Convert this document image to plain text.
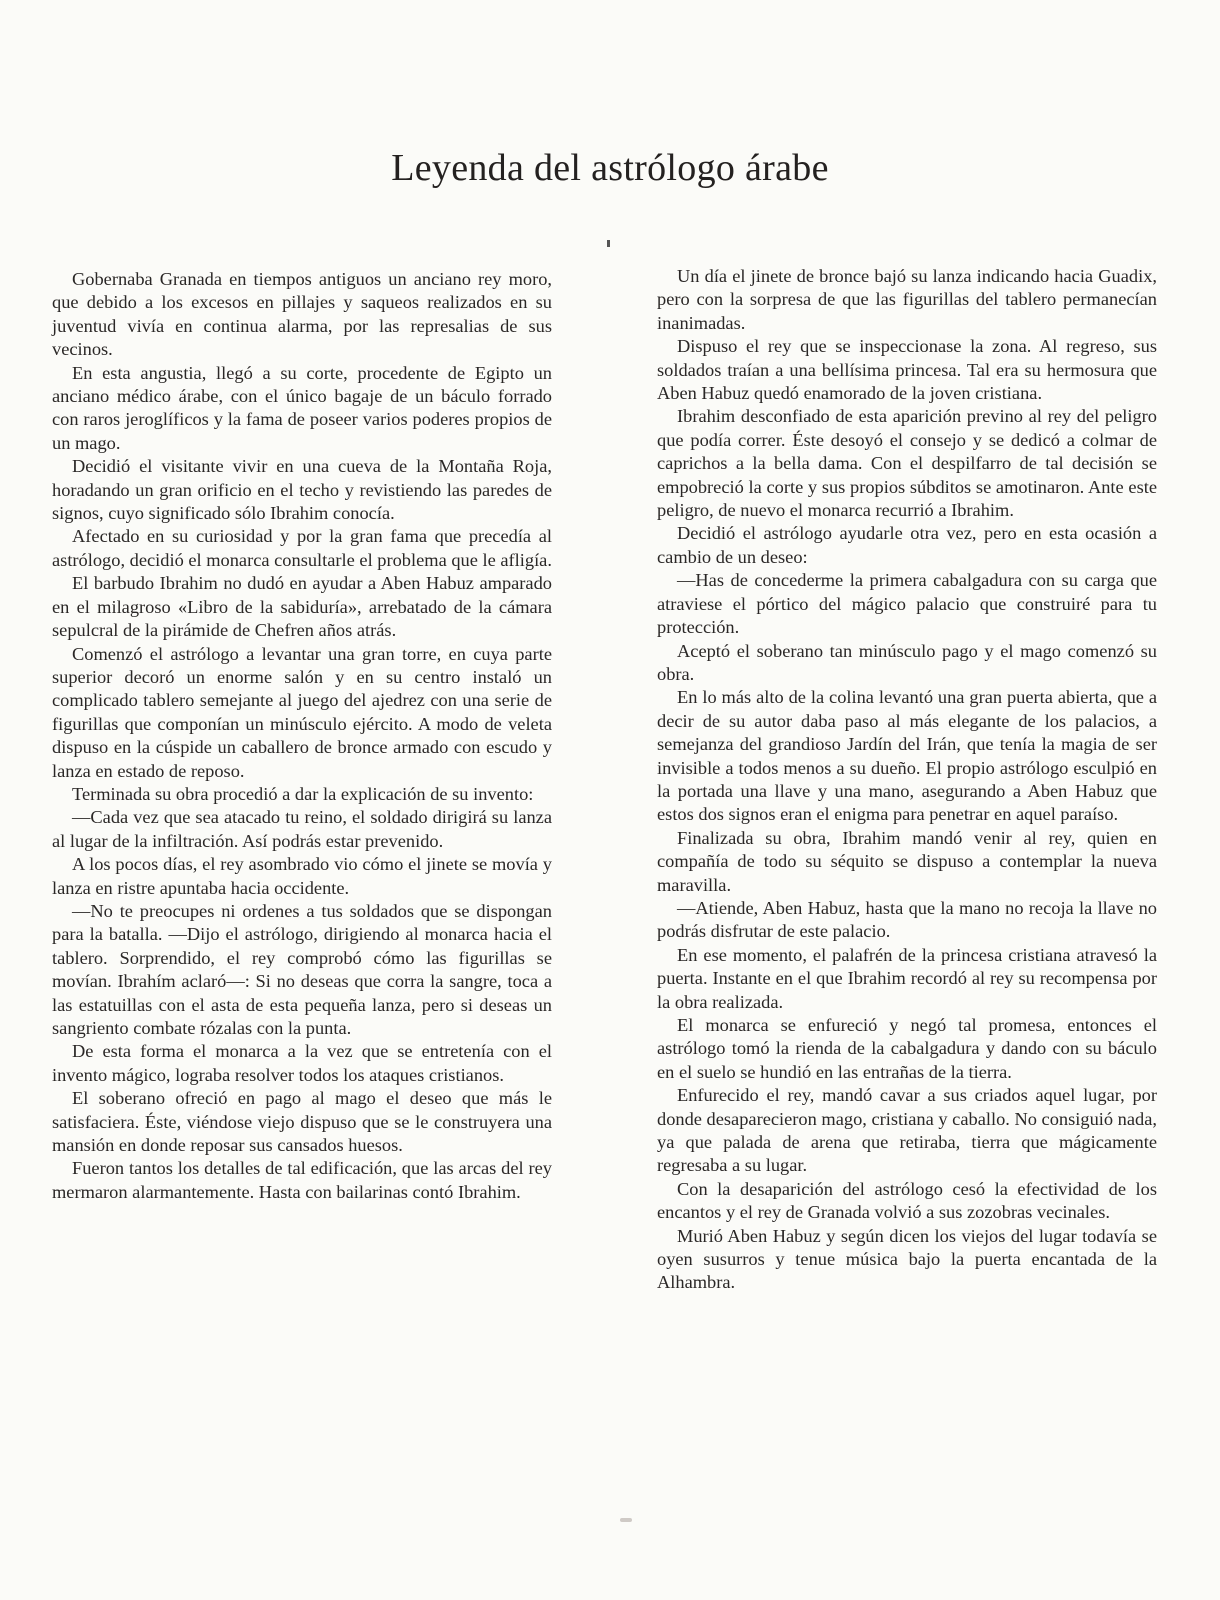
Leyenda del astrólogo árabe

Gobernaba Granada en tiempos antiguos un anciano rey moro, que debido a los excesos en pillajes y saqueos realizados en su juventud vivía en continua alarma, por las represalias de sus vecinos.

En esta angustia, llegó a su corte, procedente de Egipto un anciano médico árabe, con el único bagaje de un báculo forrado con raros jeroglíficos y la fama de poseer varios poderes propios de un mago.

Decidió el visitante vivir en una cueva de la Montaña Roja, horadando un gran orificio en el techo y revistiendo las paredes de signos, cuyo significado sólo Ibrahim conocía.

Afectado en su curiosidad y por la gran fama que precedía al astrólogo, decidió el monarca consultarle el problema que le afligía.

El barbudo Ibrahim no dudó en ayudar a Aben Habuz amparado en el milagroso «Libro de la sabiduría», arrebatado de la cámara sepulcral de la pirámide de Chefren años atrás.

Comenzó el astrólogo a levantar una gran torre, en cuya parte superior decoró un enorme salón y en su centro instaló un complicado tablero semejante al juego del ajedrez con una serie de figurillas que componían un minúsculo ejército. A modo de veleta dispuso en la cúspide un caballero de bronce armado con escudo y lanza en estado de reposo.

Terminada su obra procedió a dar la explicación de su invento:

—Cada vez que sea atacado tu reino, el soldado dirigirá su lanza al lugar de la infiltración. Así podrás estar prevenido.

A los pocos días, el rey asombrado vio cómo el jinete se movía y lanza en ristre apuntaba hacia occidente.

—No te preocupes ni ordenes a tus soldados que se dispongan para la batalla. —Dijo el astrólogo, dirigiendo al monarca hacia el tablero. Sorprendido, el rey comprobó cómo las figurillas se movían. Ibrahím aclaró—: Si no deseas que corra la sangre, toca a las estatuillas con el asta de esta pequeña lanza, pero si deseas un sangriento combate rózalas con la punta.

De esta forma el monarca a la vez que se entretenía con el invento mágico, lograba resolver todos los ataques cristianos.

El soberano ofreció en pago al mago el deseo que más le satisfaciera. Éste, viéndose viejo dispuso que se le construyera una mansión en donde reposar sus cansados huesos.

Fueron tantos los detalles de tal edificación, que las arcas del rey mermaron alarmantemente. Hasta con bailarinas contó Ibrahim.

Un día el jinete de bronce bajó su lanza indicando hacia Guadix, pero con la sorpresa de que las figurillas del tablero permanecían inanimadas.

Dispuso el rey que se inspeccionase la zona. Al regreso, sus soldados traían a una bellísima princesa. Tal era su hermosura que Aben Habuz quedó enamorado de la joven cristiana.

Ibrahim desconfiado de esta aparición previno al rey del peligro que podía correr. Éste desoyó el consejo y se dedicó a colmar de caprichos a la bella dama. Con el despilfarro de tal decisión se empobreció la corte y sus propios súbditos se amotinaron. Ante este peligro, de nuevo el monarca recurrió a Ibrahim.

Decidió el astrólogo ayudarle otra vez, pero en esta ocasión a cambio de un deseo:

—Has de concederme la primera cabalgadura con su carga que atraviese el pórtico del mágico palacio que construiré para tu protección.

Aceptó el soberano tan minúsculo pago y el mago comenzó su obra.

En lo más alto de la colina levantó una gran puerta abierta, que a decir de su autor daba paso al más elegante de los palacios, a semejanza del grandioso Jardín del Irán, que tenía la magia de ser invisible a todos menos a su dueño. El propio astrólogo esculpió en la portada una llave y una mano, asegurando a Aben Habuz que estos dos signos eran el enigma para penetrar en aquel paraíso.

Finalizada su obra, Ibrahim mandó venir al rey, quien en compañía de todo su séquito se dispuso a contemplar la nueva maravilla.

—Atiende, Aben Habuz, hasta que la mano no recoja la llave no podrás disfrutar de este palacio.

En ese momento, el palafrén de la princesa cristiana atravesó la puerta. Instante en el que Ibrahim recordó al rey su recompensa por la obra realizada.

El monarca se enfureció y negó tal promesa, entonces el astrólogo tomó la rienda de la cabalgadura y dando con su báculo en el suelo se hundió en las entrañas de la tierra.

Enfurecido el rey, mandó cavar a sus criados aquel lugar, por donde desaparecieron mago, cristiana y caballo. No consiguió nada, ya que palada de arena que retiraba, tierra que mágicamente regresaba a su lugar.

Con la desaparición del astrólogo cesó la efectividad de los encantos y el rey de Granada volvió a sus zozobras vecinales.

Murió Aben Habuz y según dicen los viejos del lugar todavía se oyen susurros y tenue música bajo la puerta encantada de la Alhambra.
